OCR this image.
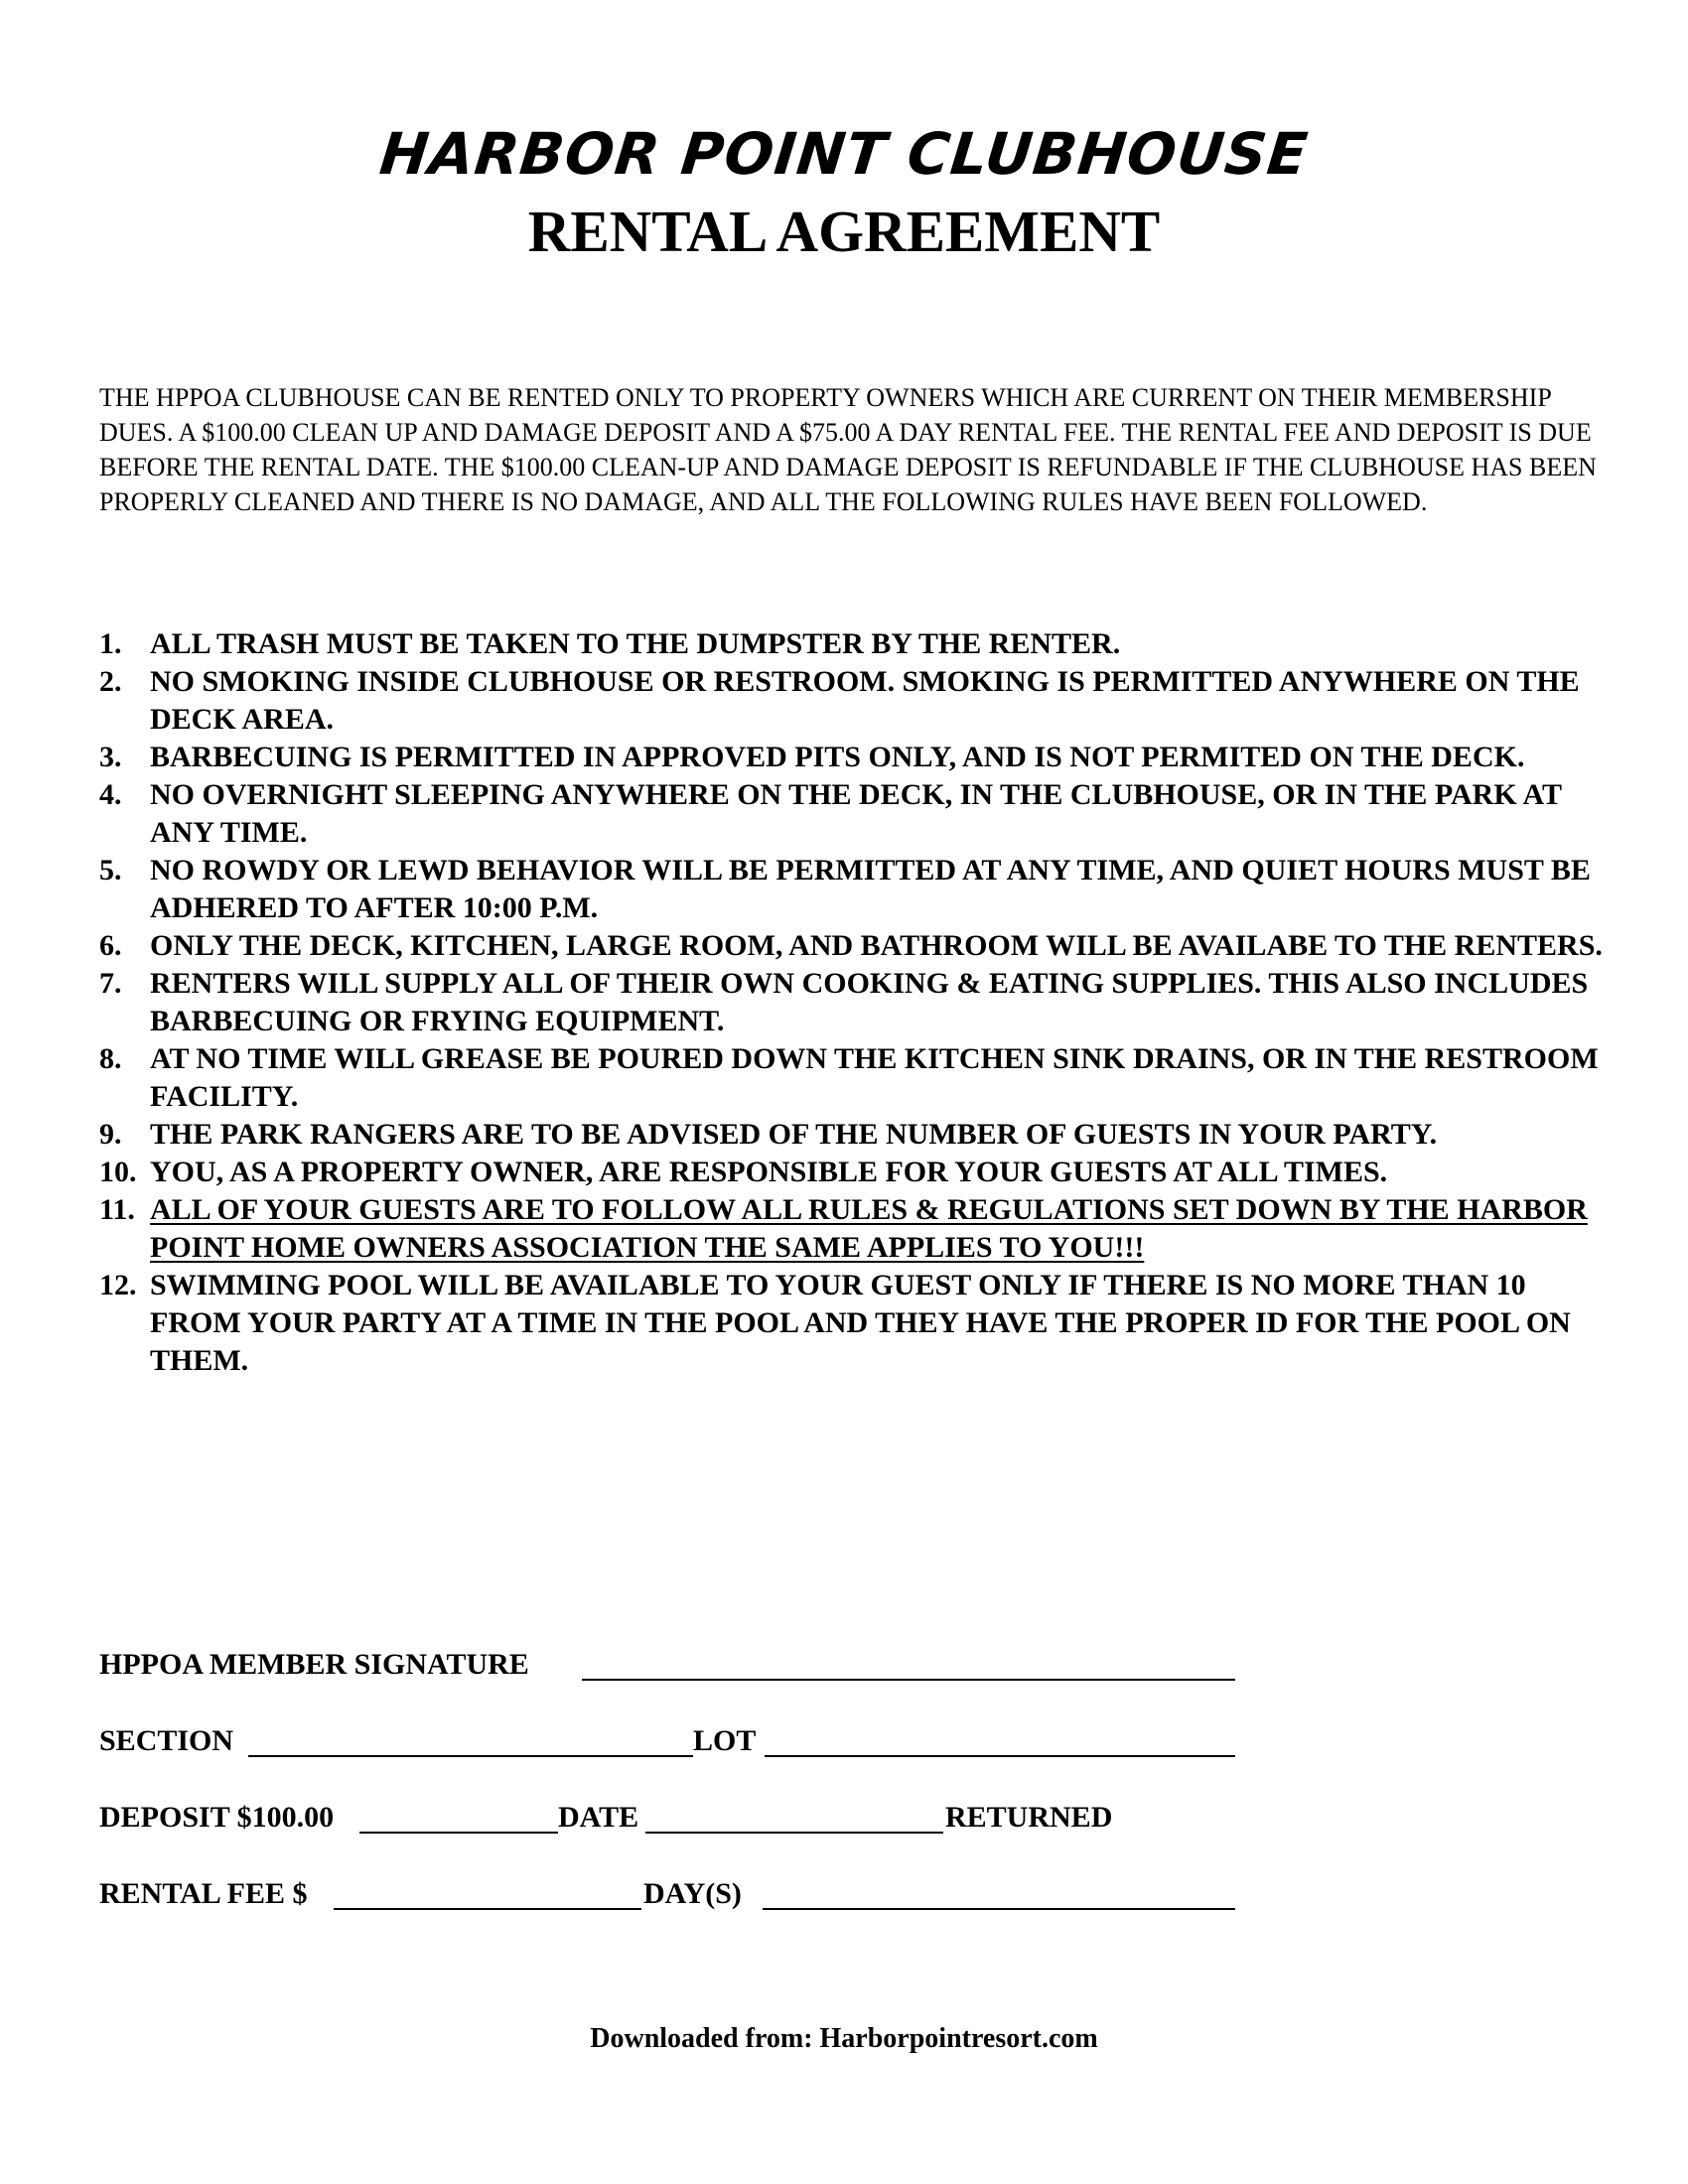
HARBOR POINT CLUBHOUSE
RENTAL AGREEMENT

THE HPPOA CLUBHOUSE CAN BE RENTED ONLY TO PROPERTY OWNERS WHICH ARE CURRENT ON THEIR MEMBERSHIP DUES. A $100.00 CLEAN UP AND DAMAGE DEPOSIT AND A $75.00 A DAY RENTAL FEE. THE RENTAL FEE AND DEPOSIT IS DUE BEFORE THE RENTAL DATE. THE $100.00 CLEAN-UP AND DAMAGE DEPOSIT IS REFUNDABLE IF THE CLUBHOUSE HAS BEEN PROPERLY CLEANED AND THERE IS NO DAMAGE, AND ALL THE FOLLOWING RULES HAVE BEEN FOLLOWED.

1. ALL TRASH MUST BE TAKEN TO THE DUMPSTER BY THE RENTER.
2. NO SMOKING INSIDE CLUBHOUSE OR RESTROOM. SMOKING IS PERMITTED ANYWHERE ON THE DECK AREA.
3. BARBECUING IS PERMITTED IN APPROVED PITS ONLY, AND IS NOT PERMITED ON THE DECK.
4. NO OVERNIGHT SLEEPING ANYWHERE ON THE DECK, IN THE CLUBHOUSE, OR IN THE PARK AT ANY TIME.
5. NO ROWDY OR LEWD BEHAVIOR WILL BE PERMITTED AT ANY TIME, AND QUIET HOURS MUST BE ADHERED TO AFTER 10:00 P.M.
6. ONLY THE DECK, KITCHEN, LARGE ROOM, AND BATHROOM WILL BE AVAILABE TO THE RENTERS.
7. RENTERS WILL SUPPLY ALL OF THEIR OWN COOKING & EATING SUPPLIES. THIS ALSO INCLUDES BARBECUING OR FRYING EQUIPMENT.
8. AT NO TIME WILL GREASE BE POURED DOWN THE KITCHEN SINK DRAINS, OR IN THE RESTROOM FACILITY.
9. THE PARK RANGERS ARE TO BE ADVISED OF THE NUMBER OF GUESTS IN YOUR PARTY.
10. YOU, AS A PROPERTY OWNER, ARE RESPONSIBLE FOR YOUR GUESTS AT ALL TIMES.
11. ALL OF YOUR GUESTS ARE TO FOLLOW ALL RULES & REGULATIONS SET DOWN BY THE HARBOR POINT HOME OWNERS ASSOCIATION THE SAME APPLIES TO YOU!!!
12. SWIMMING POOL WILL BE AVAILABLE TO YOUR GUEST ONLY IF THERE IS NO MORE THAN 10 FROM YOUR PARTY AT A TIME IN THE POOL AND THEY HAVE THE PROPER ID FOR THE POOL ON THEM.
HPPOA MEMBER SIGNATURE
SECTION	LOT
DEPOSIT $100.00	DATE	RETURNED
RENTAL FEE $	DAY(S)
Downloaded from: Harborpointresort.com
